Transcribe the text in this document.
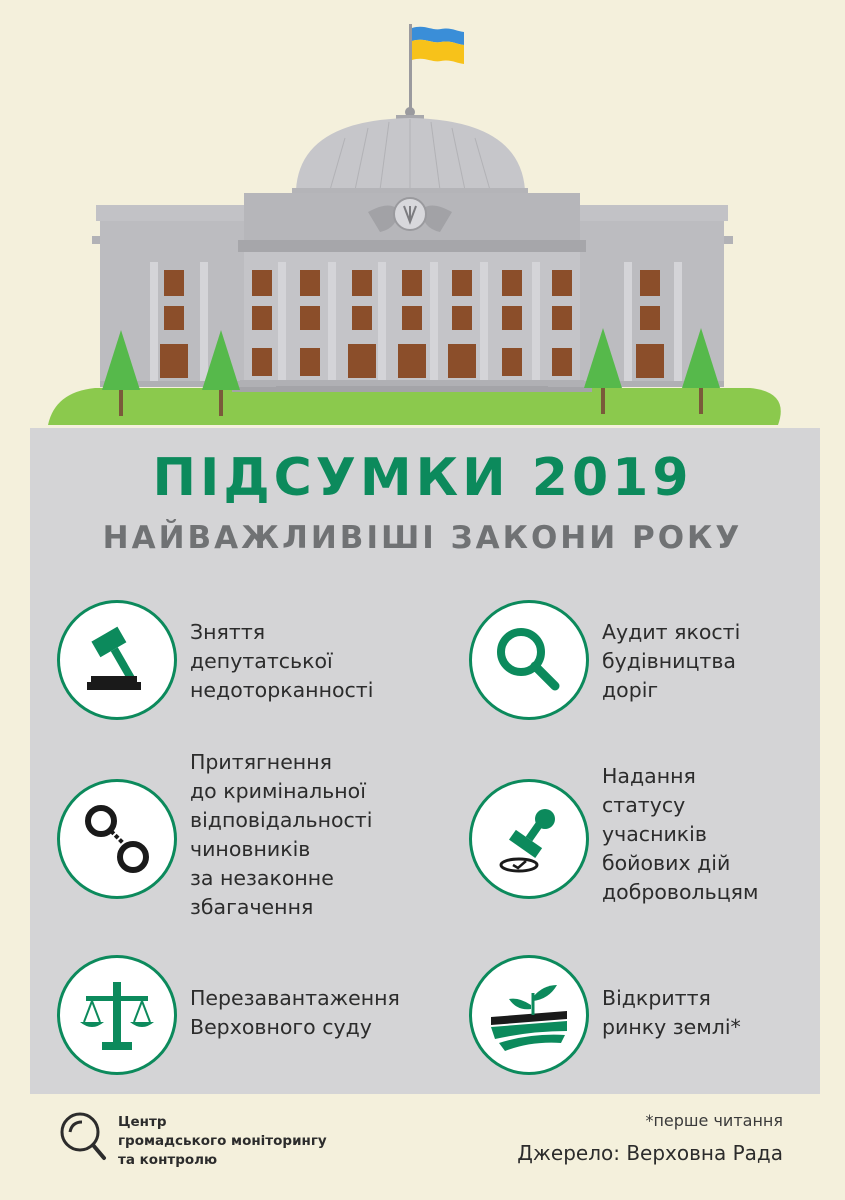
ПІДСУМКИ 2019
НАЙВАЖЛИВІШІ ЗАКОНИ РОКУ

Зняття
депутатської
недоторканності

Аудит якості
будівництва
доріг

Притягнення
до кримінальної
відповідальності
чиновників
за незаконне
збагачення

Надання
статусу
учасників
бойових дій
добровольцям

Перезавантаження
Верховного суду

Відкриття
ринку землі*

Центр
громадського моніторингу
та контролю

*перше читання

Джерело: Верховна Рада
